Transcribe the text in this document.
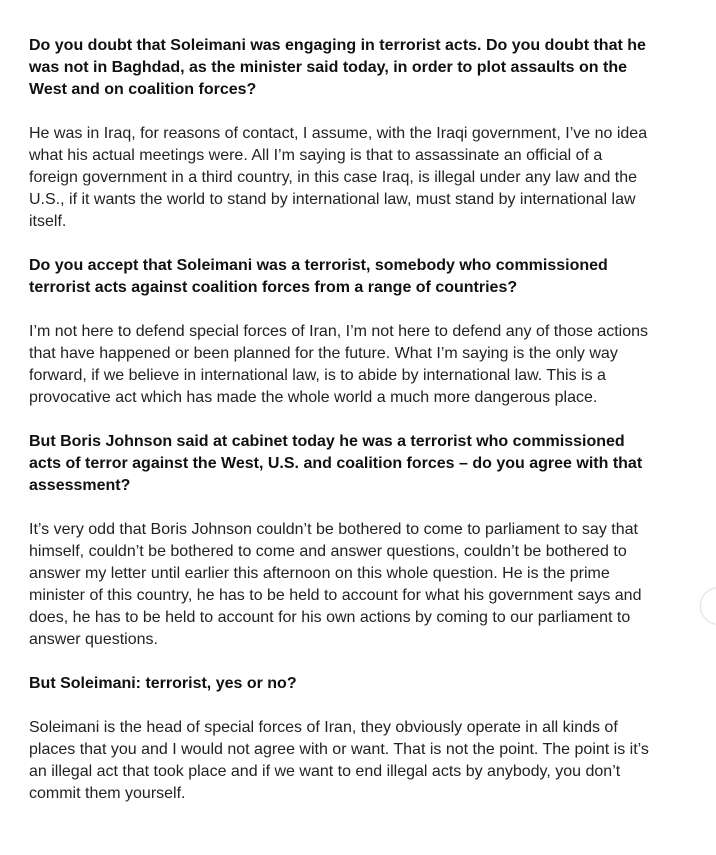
Do you doubt that Soleimani was engaging in terrorist acts. Do you doubt that he was not in Baghdad, as the minister said today, in order to plot assaults on the West and on coalition forces?

He was in Iraq, for reasons of contact, I assume, with the Iraqi government, I’ve no idea what his actual meetings were. All I’m saying is that to assassinate an official of a foreign government in a third country, in this case Iraq, is illegal under any law and the U.S., if it wants the world to stand by international law, must stand by international law itself.

Do you accept that Soleimani was a terrorist, somebody who commissioned terrorist acts against coalition forces from a range of countries?

I’m not here to defend special forces of Iran, I’m not here to defend any of those actions that have happened or been planned for the future. What I’m saying is the only way forward, if we believe in international law, is to abide by international law. This is a provocative act which has made the whole world a much more dangerous place.

But Boris Johnson said at cabinet today he was a terrorist who commissioned acts of terror against the West, U.S. and coalition forces – do you agree with that assessment?

It’s very odd that Boris Johnson couldn’t be bothered to come to parliament to say that himself, couldn’t be bothered to come and answer questions, couldn’t be bothered to answer my letter until earlier this afternoon on this whole question. He is the prime minister of this country, he has to be held to account for what his government says and does, he has to be held to account for his own actions by coming to our parliament to answer questions.

But Soleimani: terrorist, yes or no?

Soleimani is the head of special forces of Iran, they obviously operate in all kinds of places that you and I would not agree with or want. That is not the point. The point is it’s an illegal act that took place and if we want to end illegal acts by anybody, you don’t commit them yourself.
